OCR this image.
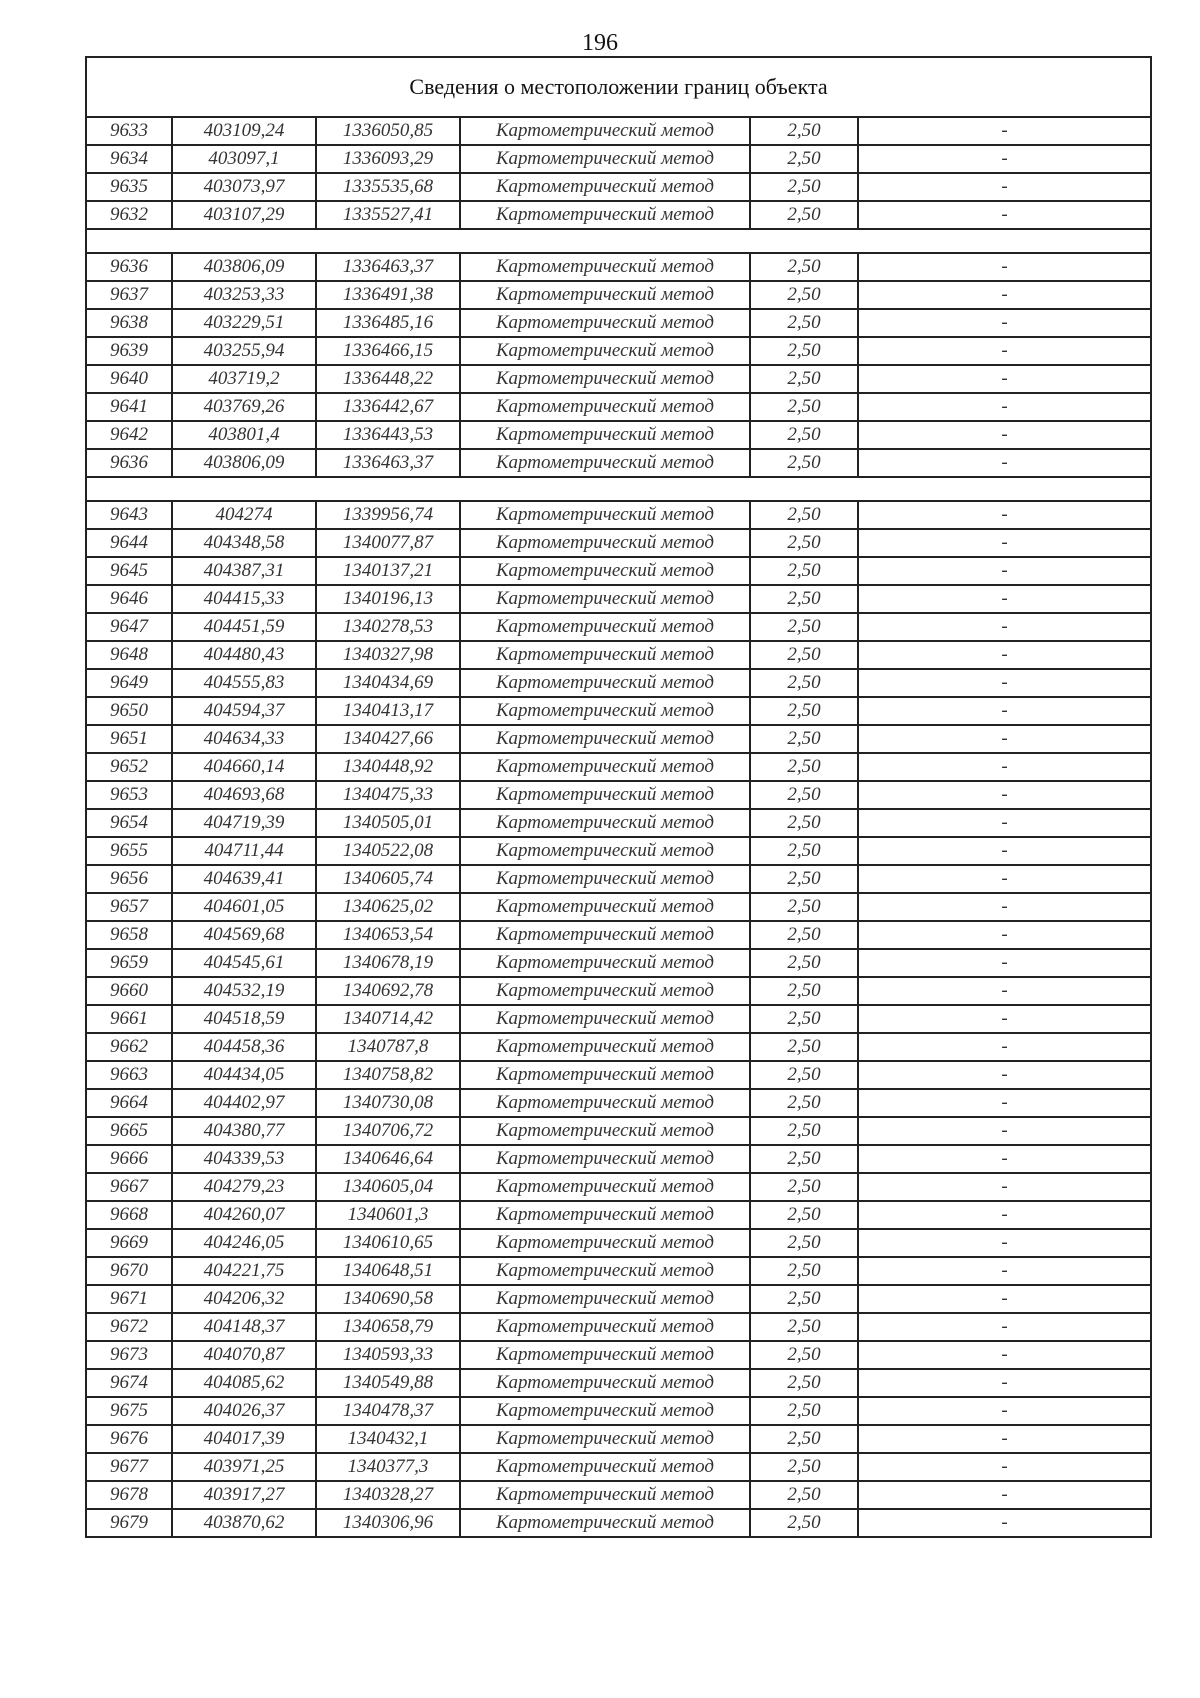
196
Сведения о местоположении границ объекта					
9633	403109,24	1336050,85	Картометрический метод	2,50	-
9634	403097,1	1336093,29	Картометрический метод	2,50	-
9635	403073,97	1335535,68	Картометрический метод	2,50	-
9632	403107,29	1335527,41	Картометрический метод	2,50	-

9636	403806,09	1336463,37	Картометрический метод	2,50	-
9637	403253,33	1336491,38	Картометрический метод	2,50	-
9638	403229,51	1336485,16	Картометрический метод	2,50	-
9639	403255,94	1336466,15	Картометрический метод	2,50	-
9640	403719,2	1336448,22	Картометрический метод	2,50	-
9641	403769,26	1336442,67	Картометрический метод	2,50	-
9642	403801,4	1336443,53	Картометрический метод	2,50	-
9636	403806,09	1336463,37	Картометрический метод	2,50	-

9643	404274	1339956,74	Картометрический метод	2,50	-
9644	404348,58	1340077,87	Картометрический метод	2,50	-
9645	404387,31	1340137,21	Картометрический метод	2,50	-
9646	404415,33	1340196,13	Картометрический метод	2,50	-
9647	404451,59	1340278,53	Картометрический метод	2,50	-
9648	404480,43	1340327,98	Картометрический метод	2,50	-
9649	404555,83	1340434,69	Картометрический метод	2,50	-
9650	404594,37	1340413,17	Картометрический метод	2,50	-
9651	404634,33	1340427,66	Картометрический метод	2,50	-
9652	404660,14	1340448,92	Картометрический метод	2,50	-
9653	404693,68	1340475,33	Картометрический метод	2,50	-
9654	404719,39	1340505,01	Картометрический метод	2,50	-
9655	404711,44	1340522,08	Картометрический метод	2,50	-
9656	404639,41	1340605,74	Картометрический метод	2,50	-
9657	404601,05	1340625,02	Картометрический метод	2,50	-
9658	404569,68	1340653,54	Картометрический метод	2,50	-
9659	404545,61	1340678,19	Картометрический метод	2,50	-
9660	404532,19	1340692,78	Картометрический метод	2,50	-
9661	404518,59	1340714,42	Картометрический метод	2,50	-
9662	404458,36	1340787,8	Картометрический метод	2,50	-
9663	404434,05	1340758,82	Картометрический метод	2,50	-
9664	404402,97	1340730,08	Картометрический метод	2,50	-
9665	404380,77	1340706,72	Картометрический метод	2,50	-
9666	404339,53	1340646,64	Картометрический метод	2,50	-
9667	404279,23	1340605,04	Картометрический метод	2,50	-
9668	404260,07	1340601,3	Картометрический метод	2,50	-
9669	404246,05	1340610,65	Картометрический метод	2,50	-
9670	404221,75	1340648,51	Картометрический метод	2,50	-
9671	404206,32	1340690,58	Картометрический метод	2,50	-
9672	404148,37	1340658,79	Картометрический метод	2,50	-
9673	404070,87	1340593,33	Картометрический метод	2,50	-
9674	404085,62	1340549,88	Картометрический метод	2,50	-
9675	404026,37	1340478,37	Картометрический метод	2,50	-
9676	404017,39	1340432,1	Картометрический метод	2,50	-
9677	403971,25	1340377,3	Картометрический метод	2,50	-
9678	403917,27	1340328,27	Картометрический метод	2,50	-
9679	403870,62	1340306,96	Картометрический метод	2,50	-
